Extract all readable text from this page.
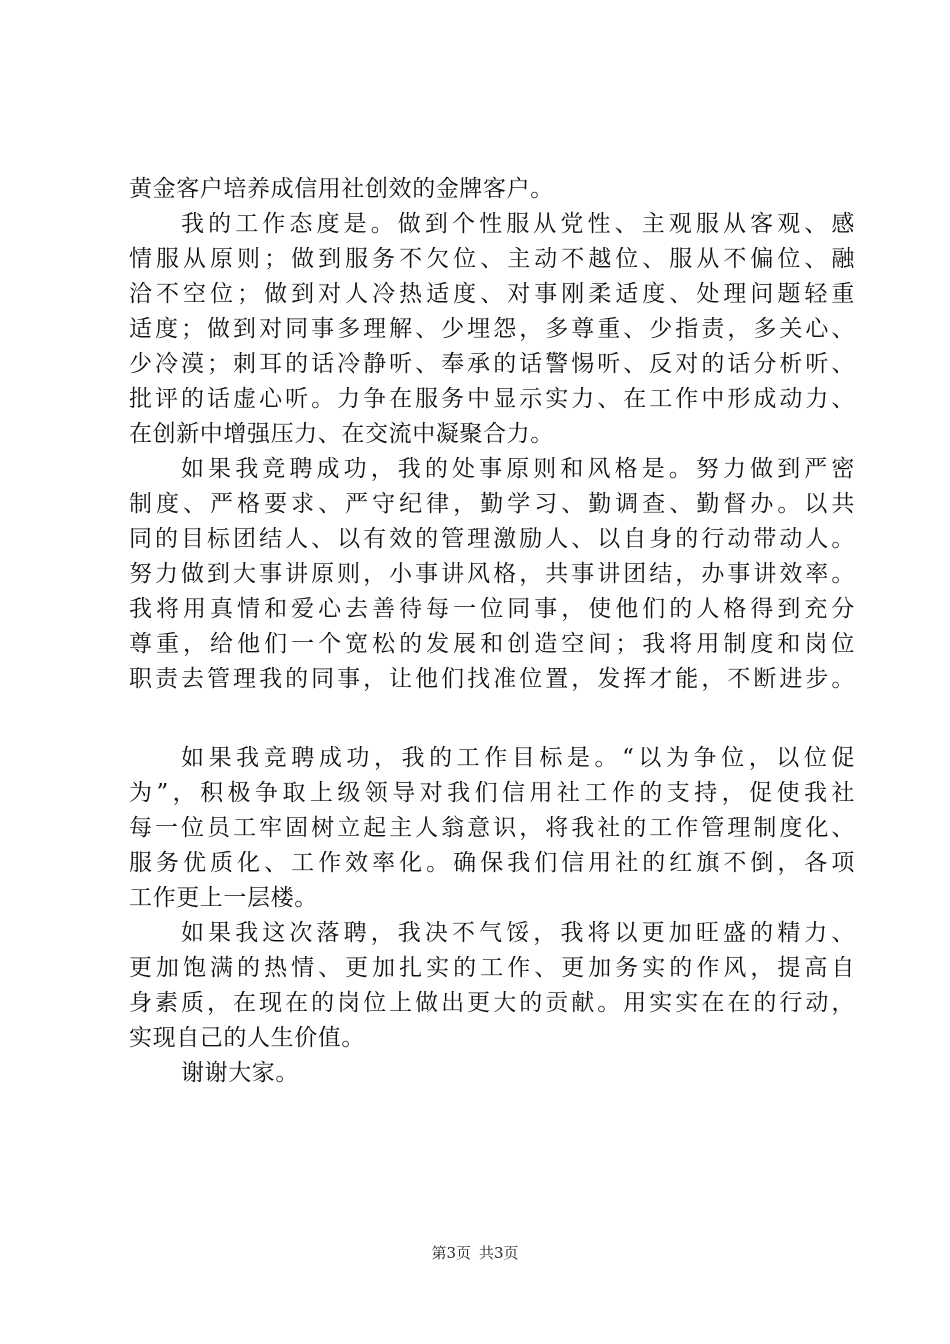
黄金客户培养成信用社创效的金牌客户。
我的工作态度是。做到个性服从党性、主观服从客观、感
情服从原则；做到服务不欠位、主动不越位、服从不偏位、融
洽不空位；做到对人冷热适度、对事刚柔适度、处理问题轻重
适度；做到对同事多理解、少埋怨，多尊重、少指责，多关心、
少冷漠；刺耳的话冷静听、奉承的话警惕听、反对的话分析听、
批评的话虚心听。力争在服务中显示实力、在工作中形成动力、
在创新中增强压力、在交流中凝聚合力。
如果我竞聘成功，我的处事原则和风格是。努力做到严密
制度、严格要求、严守纪律，勤学习、勤调查、勤督办。以共
同的目标团结人、以有效的管理激励人、以自身的行动带动人。
努力做到大事讲原则，小事讲风格，共事讲团结，办事讲效率。
我将用真情和爱心去善待每一位同事，使他们的人格得到充分
尊重，给他们一个宽松的发展和创造空间；我将用制度和岗位
职责去管理我的同事，让他们找准位置，发挥才能，不断进步。
如果我竞聘成功，我的工作目标是。“以为争位，以位促
为”，积极争取上级领导对我们信用社工作的支持，促使我社
每一位员工牢固树立起主人翁意识，将我社的工作管理制度化、
服务优质化、工作效率化。确保我们信用社的红旗不倒，各项
工作更上一层楼。
如果我这次落聘，我决不气馁，我将以更加旺盛的精力、
更加饱满的热情、更加扎实的工作、更加务实的作风，提高自
身素质，在现在的岗位上做出更大的贡献。用实实在在的行动，
实现自己的人生价值。
谢谢大家。
第3页 共3页
